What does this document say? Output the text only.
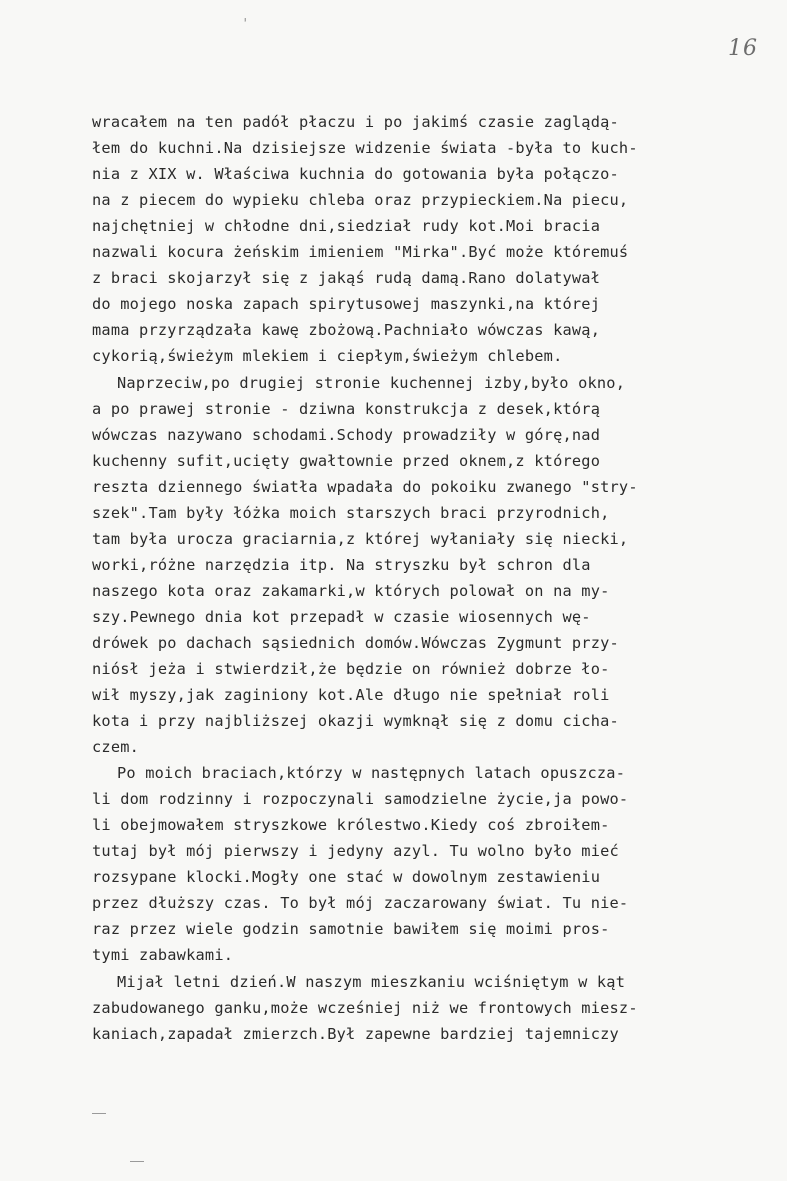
י
16
wracałem na ten padół płaczu i po jakimś czasie zaglądą-
łem do kuchni.Na dzisiejsze widzenie świata -była to kuch-
nia z XIX w. Właściwa kuchnia do gotowania była połączo-
na z piecem do wypieku chleba oraz przypieckiem.Na piecu,
najchętniej w chłodne dni,siedział rudy kot.Moi bracia
nazwali kocura żeńskim imieniem "Mirka".Być może któremuś
z braci skojarzył się z jakąś rudą damą.Rano dolatywał
do mojego noska zapach spirytusowej maszynki,na której
mama przyrządzała kawę zbożową.Pachniało wówczas kawą,
cykorią,świeżym mlekiem i ciepłym,świeżym chlebem.
Naprzeciw,po drugiej stronie kuchennej izby,było okno,
a po prawej stronie - dziwna konstrukcja z desek,którą
wówczas nazywano schodami.Schody prowadziły w górę,nad
kuchenny sufit,ucięty gwałtownie przed oknem,z którego
reszta dziennego światła wpadała do pokoiku zwanego "stry-
szek".Tam były łóżka moich starszych braci przyrodnich,
tam była urocza graciarnia,z której wyłaniały się niecki,
worki,różne narzędzia itp. Na stryszku był schron dla
naszego kota oraz zakamarki,w których polował on na my-
szy.Pewnego dnia kot przepadł w czasie wiosennych wę-
drówek po dachach sąsiednich domów.Wówczas Zygmunt przy-
niósł jeża i stwierdził,że będzie on również dobrze ło-
wił myszy,jak zaginiony kot.Ale długo nie spełniał roli
kota i przy najbliższej okazji wymknął się z domu cicha-
czem.
Po moich braciach,którzy w następnych latach opuszcza-
li dom rodzinny i rozpoczynali samodzielne życie,ja powo-
li obejmowałem stryszkowe królestwo.Kiedy coś zbroiłem-
tutaj był mój pierwszy i jedyny azyl. Tu wolno było mieć
rozsypane klocki.Mogły one stać w dowolnym zestawieniu
przez dłuższy czas. To był mój zaczarowany świat. Tu nie-
raz przez wiele godzin samotnie bawiłem się moimi pros-
tymi zabawkami.
Mijał letni dzień.W naszym mieszkaniu wciśniętym w kąt
zabudowanego ganku,może wcześniej niż we frontowych miesz-
kaniach,zapadał zmierzch.Był zapewne bardziej tajemniczy
